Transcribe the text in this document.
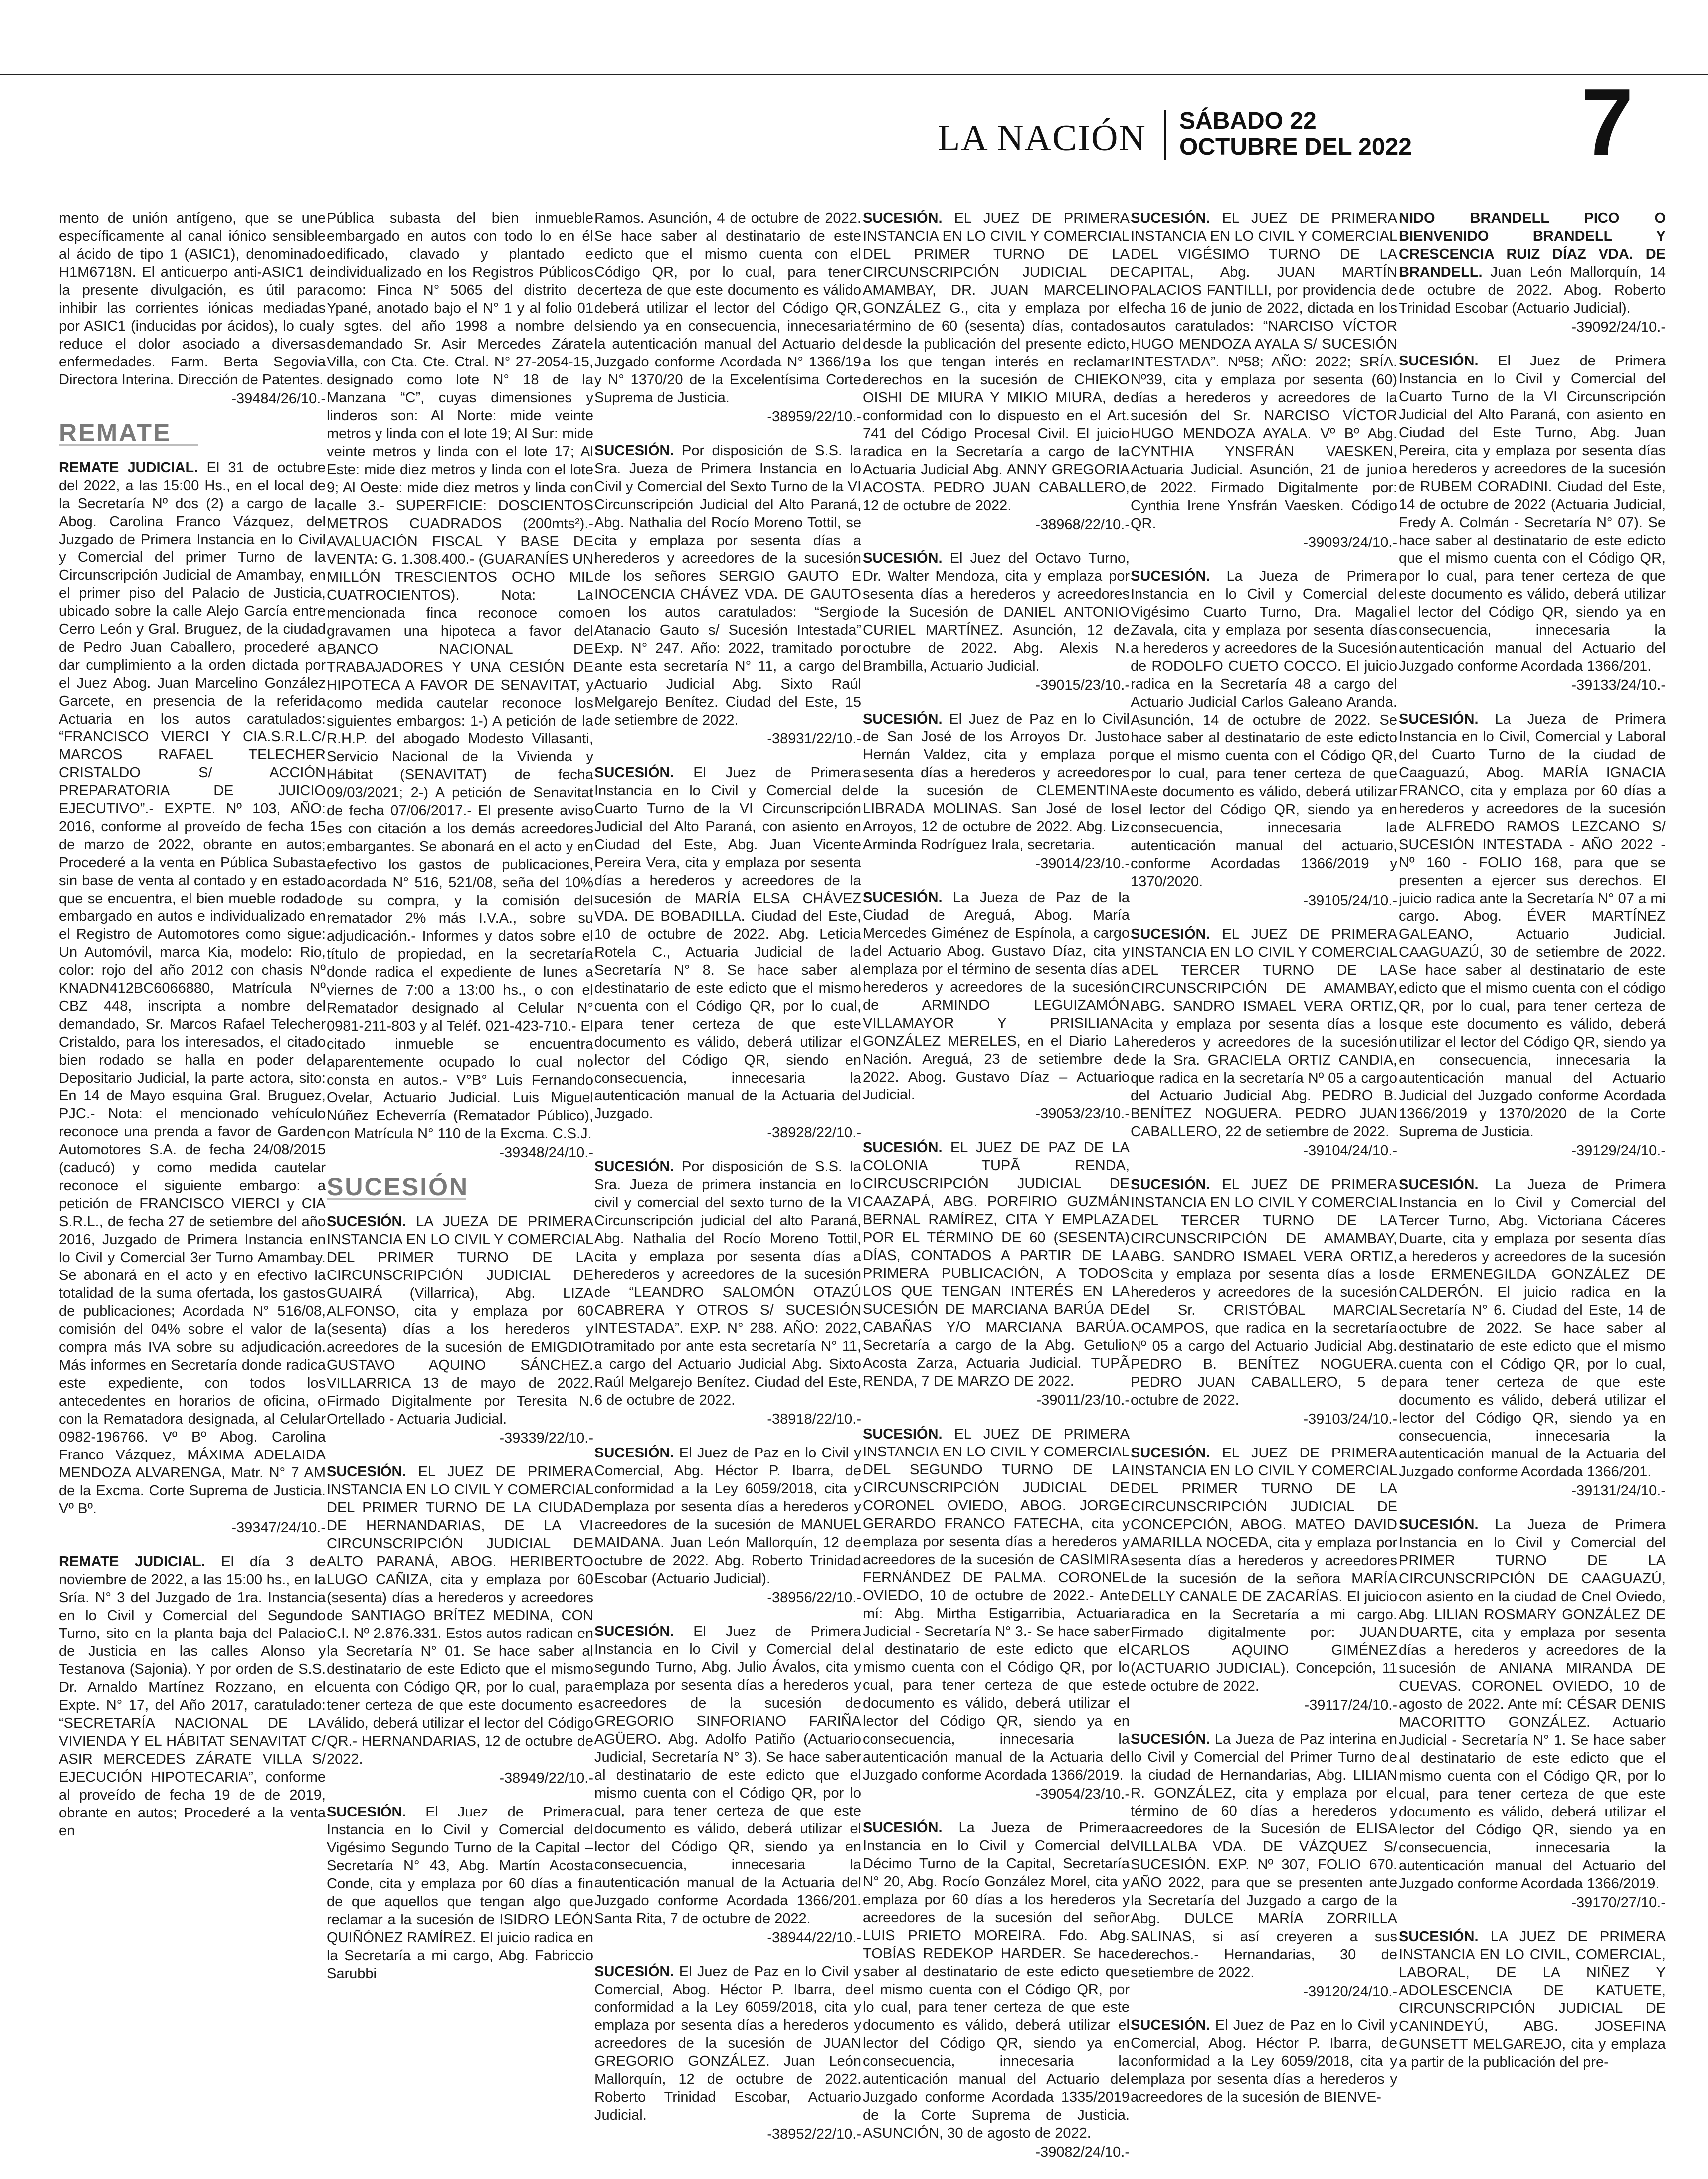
LA NACIÓN SÁBADO 22
OCTUBRE DEL 2022 7

mento de unión antígeno, que se une específicamente al canal iónico sensible al ácido de tipo 1 (ASIC1), denominado H1M6718N. El anticuerpo anti-ASIC1 de la presente divulgación, es útil para inhibir las corrientes iónicas mediadas por ASIC1 (inducidas por ácidos), lo cual reduce el dolor asociado a diversas enfermedades. Farm. Berta Segovia Directora Interina. Dirección de Patentes.
-39484/26/10.-

REMATE

REMATE JUDICIAL. El 31 de octubre del 2022, a las 15:00 Hs., en el local de la Secretaría Nº dos (2) a cargo de la Abog. Carolina Franco Vázquez, del Juzgado de Primera Instancia en lo Civil y Comercial del primer Turno de la Circunscripción Judicial de Amambay, en el primer piso del Palacio de Justicia, ubicado sobre la calle Alejo García entre Cerro León y Gral. Bruguez, de la ciudad de Pedro Juan Caballero, procederé a dar cumplimiento a la orden dictada por el Juez Abog. Juan Marcelino González Garcete, en presencia de la referida Actuaria en los autos caratulados: “FRANCISCO VIERCI Y CIA.S.R.L.C/ MARCOS RAFAEL TELECHER CRISTALDO S/ ACCIÓN PREPARATORIA DE JUICIO EJECUTIVO”.- EXPTE. Nº 103, AÑO: 2016, conforme al proveído de fecha 15 de marzo de 2022, obrante en autos; Procederé a la venta en Pública Subasta sin base de venta al contado y en estado que se encuentra, el bien mueble rodado embargado en autos e individualizado en el Registro de Automotores como sigue: Un Automóvil, marca Kia, modelo: Rio, color: rojo del año 2012 con chasis Nº KNADN412BC6066880, Matrícula Nº CBZ 448, inscripta a nombre del demandado, Sr. Marcos Rafael Telecher Cristaldo, para los interesados, el citado bien rodado se halla en poder del Depositario Judicial, la parte actora, sito: En 14 de Mayo esquina Gral. Bruguez, PJC.- Nota: el mencionado vehículo reconoce una prenda a favor de Garden Automotores S.A. de fecha 24/08/2015 (caducó) y como medida cautelar reconoce el siguiente embargo: a petición de FRANCISCO VIERCI y CIA S.R.L., de fecha 27 de setiembre del año 2016, Juzgado de Primera Instancia en lo Civil y Comercial 3er Turno Amambay. Se abonará en el acto y en efectivo la totalidad de la suma ofertada, los gastos de publicaciones; Acordada N° 516/08, comisión del 04% sobre el valor de la compra más IVA sobre su adjudicación. Más informes en Secretaría donde radica este expediente, con todos los antecedentes en horarios de oficina, o con la Rematadora designada, al Celular 0982-196766. Vº Bº Abog. Carolina Franco Vázquez, MÁXIMA ADELAIDA MENDOZA ALVARENGA, Matr. N° 7 AM de la Excma. Corte Suprema de Justicia. Vº Bº.
-39347/24/10.-

REMATE JUDICIAL. El día 3 de noviembre de 2022, a las 15:00 hs., en la Sría. N° 3 del Juzgado de 1ra. Instancia en lo Civil y Comercial del Segundo Turno, sito en la planta baja del Palacio de Justicia en las calles Alonso y Testanova (Sajonia). Y por orden de S.S. Dr. Arnaldo Martínez Rozzano, en el Expte. N° 17, del Año 2017, caratulado: “SECRETARÍA NACIONAL DE LA VIVIENDA Y EL HÁBITAT SENAVITAT C/ ASIR MERCEDES ZÁRATE VILLA S/ EJECUCIÓN HIPOTECARIA”, conforme al proveído de fecha 19 de de 2019, obrante en autos; Procederé a la venta en

Pública subasta del bien inmueble embargado en autos con todo lo en él edificado, clavado y plantado e individualizado en los Registros Públicos como: Finca N° 5065 del distrito de Ypané, anotado bajo el N° 1 y al folio 01 y sgtes. del año 1998 a nombre del demandado Sr. Asir Mercedes Zárate Villa, con Cta. Cte. Ctral. N° 27-2054-15, designado como lote N° 18 de la Manzana “C”, cuyas dimensiones y linderos son: Al Norte: mide veinte metros y linda con el lote 19; Al Sur: mide veinte metros y linda con el lote 17; Al Este: mide diez metros y linda con el lote 9; Al Oeste: mide diez metros y linda con calle 3.- SUPERFICIE: DOSCIENTOS METROS CUADRADOS (200mts²).- AVALUACIÓN FISCAL Y BASE DE VENTA: G. 1.308.400.- (GUARANÍES UN MILLÓN TRESCIENTOS OCHO MIL CUATROCIENTOS). Nota: La mencionada finca reconoce como gravamen una hipoteca a favor del BANCO NACIONAL DE TRABAJADORES Y UNA CESIÓN DE HIPOTECA A FAVOR DE SENAVITAT, y como medida cautelar reconoce los siguientes embargos: 1-) A petición de la R.H.P. del abogado Modesto Villasanti, Servicio Nacional de la Vivienda y Hábitat (SENAVITAT) de fecha 09/03/2021; 2-) A petición de Senavitat de fecha 07/06/2017.- El presente aviso es con citación a los demás acreedores embargantes. Se abonará en el acto y en efectivo los gastos de publicaciones, acordada N° 516, 521/08, seña del 10% de su compra, y la comisión del rematador 2% más I.V.A., sobre su adjudicación.- Informes y datos sobre el título de propiedad, en la secretaría donde radica el expediente de lunes a viernes de 7:00 a 13:00 hs., o con el Rematador designado al Celular N° 0981-211-803 y al Teléf. 021-423-710.- El citado inmueble se encuentra aparentemente ocupado lo cual no consta en autos.- V°B° Luis Fernando Ovelar, Actuario Judicial. Luis Miguel Núñez Echeverría (Rematador Público), con Matrícula N° 110 de la Excma. C.S.J.
-39348/24/10.-

SUCESIÓN

SUCESIÓN. LA JUEZA DE PRIMERA INSTANCIA EN LO CIVIL Y COMERCIAL DEL PRIMER TURNO DE LA CIRCUNSCRIPCIÓN JUDICIAL DE GUAIRÁ (Villarrica), Abg. LIZA ALFONSO, cita y emplaza por 60 (sesenta) días a los herederos y acreedores de la sucesión de EMIGDIO GUSTAVO AQUINO SÁNCHEZ. VILLARRICA 13 de mayo de 2022. Firmado Digitalmente por Teresita N. Ortellado - Actuaria Judicial.
-39339/22/10.-

SUCESIÓN. EL JUEZ DE PRIMERA INSTANCIA EN LO CIVIL Y COMERCIAL DEL PRIMER TURNO DE LA CIUDAD DE HERNANDARIAS, DE LA VI CIRCUNSCRIPCIÓN JUDICIAL DE ALTO PARANÁ, ABOG. HERIBERTO LUGO CAÑIZA, cita y emplaza por 60 (sesenta) días a herederos y acreedores de SANTIAGO BRÍTEZ MEDINA, CON C.I. Nº 2.876.331. Estos autos radican en la Secretaría N° 01. Se hace saber al destinatario de este Edicto que el mismo cuenta con Código QR, por lo cual, para tener certeza de que este documento es válido, deberá utilizar el lector del Código QR.- HERNANDARIAS, 12 de octubre de 2022.
-38949/22/10.-

SUCESIÓN. El Juez de Primera Instancia en lo Civil y Comercial del Vigésimo Segundo Turno de la Capital – Secretaría N° 43, Abg. Martín Acosta Conde, cita y emplaza por 60 días a fin de que aquellos que tengan algo que reclamar a la sucesión de ISIDRO LEÓN QUIÑÓNEZ RAMÍREZ. El juicio radica en la Secretaría a mi cargo, Abg. Fabriccio Sarubbi

Ramos. Asunción, 4 de octubre de 2022. Se hace saber al destinatario de este edicto que el mismo cuenta con el Código QR, por lo cual, para tener certeza de que este documento es válido deberá utilizar el lector del Código QR, siendo ya en consecuencia, innecesaria la autenticación manual del Actuario del Juzgado conforme Acordada N° 1366/19 y N° 1370/20 de la Excelentísima Corte Suprema de Justicia.
-38959/22/10.-

SUCESIÓN. Por disposición de S.S. la Sra. Jueza de Primera Instancia en lo Civil y Comercial del Sexto Turno de la VI Circunscripción Judicial del Alto Paraná, Abg. Nathalia del Rocío Moreno Tottil, se cita y emplaza por sesenta días a herederos y acreedores de la sucesión de los señores SERGIO GAUTO E INOCENCIA CHÁVEZ VDA. DE GAUTO en los autos caratulados: “Sergio Atanacio Gauto s/ Sucesión Intestada” Exp. N° 247. Año: 2022, tramitado por ante esta secretaría N° 11, a cargo del Actuario Judicial Abg. Sixto Raúl Melgarejo Benítez. Ciudad del Este, 15 de setiembre de 2022.
-38931/22/10.-

SUCESIÓN. El Juez de Primera Instancia en lo Civil y Comercial del Cuarto Turno de la VI Circunscripción Judicial del Alto Paraná, con asiento en Ciudad del Este, Abg. Juan Vicente Pereira Vera, cita y emplaza por sesenta días a herederos y acreedores de la sucesión de MARÍA ELSA CHÁVEZ VDA. DE BOBADILLA. Ciudad del Este, 10 de octubre de 2022. Abg. Leticia Rotela C., Actuaria Judicial de la Secretaría N° 8. Se hace saber al destinatario de este edicto que el mismo cuenta con el Código QR, por lo cual, para tener certeza de que este documento es válido, deberá utilizar el lector del Código QR, siendo en consecuencia, innecesaria la autenticación manual de la Actuaria del Juzgado.
-38928/22/10.-

SUCESIÓN. Por disposición de S.S. la Sra. Jueza de primera instancia en lo civil y comercial del sexto turno de la VI Circunscripción judicial del alto Paraná, Abg. Nathalia del Rocío Moreno Tottil, cita y emplaza por sesenta días a herederos y acreedores de la sucesión de “LEANDRO SALOMÓN OTAZÚ CABRERA Y OTROS S/ SUCESIÓN INTESTADA”. EXP. N° 288. AÑO: 2022, tramitado por ante esta secretaría N° 11, a cargo del Actuario Judicial Abg. Sixto Raúl Melgarejo Benítez. Ciudad del Este, 6 de octubre de 2022.
-38918/22/10.-

SUCESIÓN. El Juez de Paz en lo Civil y Comercial, Abg. Héctor P. Ibarra, de conformidad a la Ley 6059/2018, cita y emplaza por sesenta días a herederos y acreedores de la sucesión de MANUEL MAIDANA. Juan León Mallorquín, 12 de octubre de 2022. Abg. Roberto Trinidad Escobar (Actuario Judicial).
-38956/22/10.-

SUCESIÓN. El Juez de Primera Instancia en lo Civil y Comercial del segundo Turno, Abg. Julio Ávalos, cita y emplaza por sesenta días a herederos y acreedores de la sucesión de GREGORIO SINFORIANO FARIÑA AGÜERO. Abg. Adolfo Patiño (Actuario Judicial, Secretaría N° 3). Se hace saber al destinatario de este edicto que el mismo cuenta con el Código QR, por lo cual, para tener certeza de que este documento es válido, deberá utilizar el lector del Código QR, siendo ya en consecuencia, innecesaria la autenticación manual de la Actuaria del Juzgado conforme Acordada 1366/201. Santa Rita, 7 de octubre de 2022.
-38944/22/10.-

SUCESIÓN. El Juez de Paz en lo Civil y Comercial, Abog. Héctor P. Ibarra, de conformidad a la Ley 6059/2018, cita y emplaza por sesenta días a herederos y acreedores de la sucesión de JUAN GREGORIO GONZÁLEZ. Juan León Mallorquín, 12 de octubre de 2022. Roberto Trinidad Escobar, Actuario Judicial.
-38952/22/10.-

SUCESIÓN. EL JUEZ DE PRIMERA INSTANCIA EN LO CIVIL Y COMERCIAL DEL PRIMER TURNO DE LA CIRCUNSCRIPCIÓN JUDICIAL DE AMAMBAY, DR. JUAN MARCELINO GONZÁLEZ G., cita y emplaza por el término de 60 (sesenta) días, contados desde la publicación del presente edicto, a los que tengan interés en reclamar derechos en la sucesión de CHIEKO OISHI DE MIURA Y MIKIO MIURA, de conformidad con lo dispuesto en el Art. 741 del Código Procesal Civil. El juicio radica en la Secretaría a cargo de la Actuaria Judicial Abg. ANNY GREGORIA ACOSTA. PEDRO JUAN CABALLERO, 12 de octubre de 2022.
-38968/22/10.-

SUCESIÓN. El Juez del Octavo Turno, Dr. Walter Mendoza, cita y emplaza por sesenta días a herederos y acreedores de la Sucesión de DANIEL ANTONIO CURIEL MARTÍNEZ. Asunción, 12 de octubre de 2022. Abg. Alexis N. Brambilla, Actuario Judicial.
-39015/23/10.-

SUCESIÓN. El Juez de Paz en lo Civil de San José de los Arroyos Dr. Justo Hernán Valdez, cita y emplaza por sesenta días a herederos y acreedores de la sucesión de CLEMENTINA LIBRADA MOLINAS. San José de los Arroyos, 12 de octubre de 2022. Abg. Liz Arminda Rodríguez Irala, secretaria.
-39014/23/10.-

SUCESIÓN. La Jueza de Paz de la Ciudad de Areguá, Abog. María Mercedes Giménez de Espínola, a cargo del Actuario Abog. Gustavo Díaz, cita y emplaza por el término de sesenta días a herederos y acreedores de la sucesión de ARMINDO LEGUIZAMÓN VILLAMAYOR Y PRISILIANA GONZÁLEZ MERELES, en el Diario La Nación. Areguá, 23 de setiembre de 2022. Abog. Gustavo Díaz – Actuario Judicial.
-39053/23/10.-

SUCESIÓN. EL JUEZ DE PAZ DE LA COLONIA TUPÃ RENDA, CIRCUSCRIPCIÓN JUDICIAL DE CAAZAPÁ, ABG. PORFIRIO GUZMÁN BERNAL RAMÍREZ, CITA Y EMPLAZA POR EL TÉRMINO DE 60 (SESENTA) DÍAS, CONTADOS A PARTIR DE LA PRIMERA PUBLICACIÓN, A TODOS LOS QUE TENGAN INTERÉS EN LA SUCESIÓN DE MARCIANA BARÚA DE CABAÑAS Y/O MARCIANA BARÚA. Secretaría a cargo de la Abg. Getulio Acosta Zarza, Actuaria Judicial. TUPÃ RENDA, 7 DE MARZO DE 2022.
-39011/23/10.-

SUCESIÓN. EL JUEZ DE PRIMERA INSTANCIA EN LO CIVIL Y COMERCIAL DEL SEGUNDO TURNO DE LA CIRCUNSCRIPCIÓN JUDICIAL DE CORONEL OVIEDO, ABOG. JORGE GERARDO FRANCO FATECHA, cita y emplaza por sesenta días a herederos y acreedores de la sucesión de CASIMIRA FERNÁNDEZ DE PALMA. CORONEL OVIEDO, 10 de octubre de 2022.- Ante mí: Abg. Mirtha Estigarribia, Actuaria Judicial - Secretaría N° 3.- Se hace saber al destinatario de este edicto que el mismo cuenta con el Código QR, por lo cual, para tener certeza de que este documento es válido, deberá utilizar el lector del Código QR, siendo ya en consecuencia, innecesaria la autenticación manual de la Actuaria del Juzgado conforme Acordada 1366/2019.
-39054/23/10.-

SUCESIÓN. La Jueza de Primera Instancia en lo Civil y Comercial del Décimo Turno de la Capital, Secretaría N° 20, Abg. Rocío González Morel, cita y emplaza por 60 días a los herederos y acreedores de la sucesión del señor LUIS PRIETO MOREIRA. Fdo. Abg. TOBÍAS REDEKOP HARDER. Se hace saber al destinatario de este edicto que el mismo cuenta con el Código QR, por lo cual, para tener certeza de que este documento es válido, deberá utilizar el lector del Código QR, siendo ya en consecuencia, innecesaria la autenticación manual del Actuario del Juzgado conforme Acordada 1335/2019 de la Corte Suprema de Justicia. ASUNCIÓN, 30 de agosto de 2022.
-39082/24/10.-

SUCESIÓN. EL JUEZ DE PRIMERA INSTANCIA EN LO CIVIL Y COMERCIAL DEL VIGÉSIMO TURNO DE LA CAPITAL, Abg. JUAN MARTÍN PALACIOS FANTILLI, por providencia de fecha 16 de junio de 2022, dictada en los autos caratulados: “NARCISO VÍCTOR HUGO MENDOZA AYALA S/ SUCESIÓN INTESTADA”. Nº58; AÑO: 2022; SRÍA. Nº39, cita y emplaza por sesenta (60) días a herederos y acreedores de la sucesión del Sr. NARCISO VÍCTOR HUGO MENDOZA AYALA. Vº Bº Abg. CYNTHIA YNSFRÁN VAESKEN, Actuaria Judicial. Asunción, 21 de junio de 2022. Firmado Digitalmente por: Cynthia Irene Ynsfrán Vaesken. Código QR.
-39093/24/10.-

SUCESIÓN. La Jueza de Primera Instancia en lo Civil y Comercial del Vigésimo Cuarto Turno, Dra. Magali Zavala, cita y emplaza por sesenta días a herederos y acreedores de la Sucesión de RODOLFO CUETO COCCO. El juicio radica en la Secretaría 48 a cargo del Actuario Judicial Carlos Galeano Aranda. Asunción, 14 de octubre de 2022. Se hace saber al destinatario de este edicto que el mismo cuenta con el Código QR, por lo cual, para tener certeza de que este documento es válido, deberá utilizar el lector del Código QR, siendo ya en consecuencia, innecesaria la autenticación manual del actuario, conforme Acordadas 1366/2019 y 1370/2020.
-39105/24/10.-

SUCESIÓN. EL JUEZ DE PRIMERA INSTANCIA EN LO CIVIL Y COMERCIAL DEL TERCER TURNO DE LA CIRCUNSCRIPCIÓN DE AMAMBAY, ABG. SANDRO ISMAEL VERA ORTIZ, cita y emplaza por sesenta días a los herederos y acreedores de la sucesión de la Sra. GRACIELA ORTIZ CANDIA, que radica en la secretaría Nº 05 a cargo del Actuario Judicial Abg. PEDRO B. BENÍTEZ NOGUERA. PEDRO JUAN CABALLERO, 22 de setiembre de 2022.
-39104/24/10.-

SUCESIÓN. EL JUEZ DE PRIMERA INSTANCIA EN LO CIVIL Y COMERCIAL DEL TERCER TURNO DE LA CIRCUNSCRIPCIÓN DE AMAMBAY, ABG. SANDRO ISMAEL VERA ORTIZ, cita y emplaza por sesenta días a los herederos y acreedores de la sucesión del Sr. CRISTÓBAL MARCIAL OCAMPOS, que radica en la secretaría Nº 05 a cargo del Actuario Judicial Abg. PEDRO B. BENÍTEZ NOGUERA. PEDRO JUAN CABALLERO, 5 de octubre de 2022.
-39103/24/10.-

SUCESIÓN. EL JUEZ DE PRIMERA INSTANCIA EN LO CIVIL Y COMERCIAL DEL PRIMER TURNO DE LA CIRCUNSCRIPCIÓN JUDICIAL DE CONCEPCIÓN, ABOG. MATEO DAVID AMARILLA NOCEDA, cita y emplaza por sesenta días a herederos y acreedores de la sucesión de la señora MARÍA DELLY CANALE DE ZACARÍAS. El juicio radica en la Secretaría a mi cargo. Firmado digitalmente por: JUAN CARLOS AQUINO GIMÉNEZ (ACTUARIO JUDICIAL). Concepción, 11 de octubre de 2022.
-39117/24/10.-

SUCESIÓN. La Jueza de Paz interina en lo Civil y Comercial del Primer Turno de la ciudad de Hernandarias, Abg. LILIAN R. GONZÁLEZ, cita y emplaza por el término de 60 días a herederos y acreedores de la Sucesión de ELISA VILLALBA VDA. DE VÁZQUEZ S/ SUCESIÓN. EXP. Nº 307, FOLIO 670. AÑO 2022, para que se presenten ante la Secretaría del Juzgado a cargo de la Abg. DULCE MARÍA ZORRILLA SALINAS, si así creyeren a sus derechos.- Hernandarias, 30 de setiembre de 2022.
-39120/24/10.-

SUCESIÓN. El Juez de Paz en lo Civil y Comercial, Abog. Héctor P. Ibarra, de conformidad a la Ley 6059/2018, cita y emplaza por sesenta días a herederos y acreedores de la sucesión de BIENVE-

NIDO BRANDELL PICO O BIENVENIDO BRANDELL Y CRESCENCIA RUIZ DÍAZ VDA. DE BRANDELL. Juan León Mallorquín, 14 de octubre de 2022. Abog. Roberto Trinidad Escobar (Actuario Judicial).
-39092/24/10.-

SUCESIÓN. El Juez de Primera Instancia en lo Civil y Comercial del Cuarto Turno de la VI Circunscripción Judicial del Alto Paraná, con asiento en Ciudad del Este Turno, Abg. Juan Pereira, cita y emplaza por sesenta días a herederos y acreedores de la sucesión de RUBEM CORADINI. Ciudad del Este, 14 de octubre de 2022 (Actuaria Judicial, Fredy A. Colmán - Secretaría N° 07). Se hace saber al destinatario de este edicto que el mismo cuenta con el Código QR, por lo cual, para tener certeza de que este documento es válido, deberá utilizar el lector del Código QR, siendo ya en consecuencia, innecesaria la autenticación manual del Actuario del Juzgado conforme Acordada 1366/201.
-39133/24/10.-

SUCESIÓN. La Jueza de Primera Instancia en lo Civil, Comercial y Laboral del Cuarto Turno de la ciudad de Caaguazú, Abog. MARÍA IGNACIA FRANCO, cita y emplaza por 60 días a herederos y acreedores de la sucesión de ALFREDO RAMOS LEZCANO S/ SUCESIÓN INTESTADA - AÑO 2022 - Nº 160 - FOLIO 168, para que se presenten a ejercer sus derechos. El juicio radica ante la Secretaría N° 07 a mi cargo. Abog. ÉVER MARTÍNEZ GALEANO, Actuario Judicial. CAAGUAZÚ, 30 de setiembre de 2022. Se hace saber al destinatario de este edicto que el mismo cuenta con el código QR, por lo cual, para tener certeza de que este documento es válido, deberá utilizar el lector del Código QR, siendo ya en consecuencia, innecesaria la autenticación manual del Actuario Judicial del Juzgado conforme Acordada 1366/2019 y 1370/2020 de la Corte Suprema de Justicia.
-39129/24/10.-

SUCESIÓN. La Jueza de Primera Instancia en lo Civil y Comercial del Tercer Turno, Abg. Victoriana Cáceres Duarte, cita y emplaza por sesenta días a herederos y acreedores de la sucesión de ERMENEGILDA GONZÁLEZ DE CALDERÓN. El juicio radica en la Secretaría N° 6. Ciudad del Este, 14 de octubre de 2022. Se hace saber al destinatario de este edicto que el mismo cuenta con el Código QR, por lo cual, para tener certeza de que este documento es válido, deberá utilizar el lector del Código QR, siendo ya en consecuencia, innecesaria la autenticación manual de la Actuaria del Juzgado conforme Acordada 1366/201.
-39131/24/10.-

SUCESIÓN. La Jueza de Primera Instancia en lo Civil y Comercial del PRIMER TURNO DE LA CIRCUNSCRIPCIÓN DE CAAGUAZÚ, con asiento en la ciudad de Cnel Oviedo, Abg. LILIAN ROSMARY GONZÁLEZ DE DUARTE, cita y emplaza por sesenta días a herederos y acreedores de la sucesión de ANIANA MIRANDA DE CUEVAS. CORONEL OVIEDO, 10 de agosto de 2022. Ante mí: CÉSAR DENIS MACORITTO GONZÁLEZ. Actuario Judicial - Secretaría N° 1. Se hace saber al destinatario de este edicto que el mismo cuenta con el Código QR, por lo cual, para tener certeza de que este documento es válido, deberá utilizar el lector del Código QR, siendo ya en consecuencia, innecesaria la autenticación manual del Actuario del Juzgado conforme Acordada 1366/2019.
-39170/27/10.-

SUCESIÓN. LA JUEZ DE PRIMERA INSTANCIA EN LO CIVIL, COMERCIAL, LABORAL, DE LA NIÑEZ Y ADOLESCENCIA DE KATUETE, CIRCUNSCRIPCIÓN JUDICIAL DE CANINDEYÚ, ABG. JOSEFINA GUNSETT MELGAREJO, cita y emplaza a partir de la publicación del pre-
